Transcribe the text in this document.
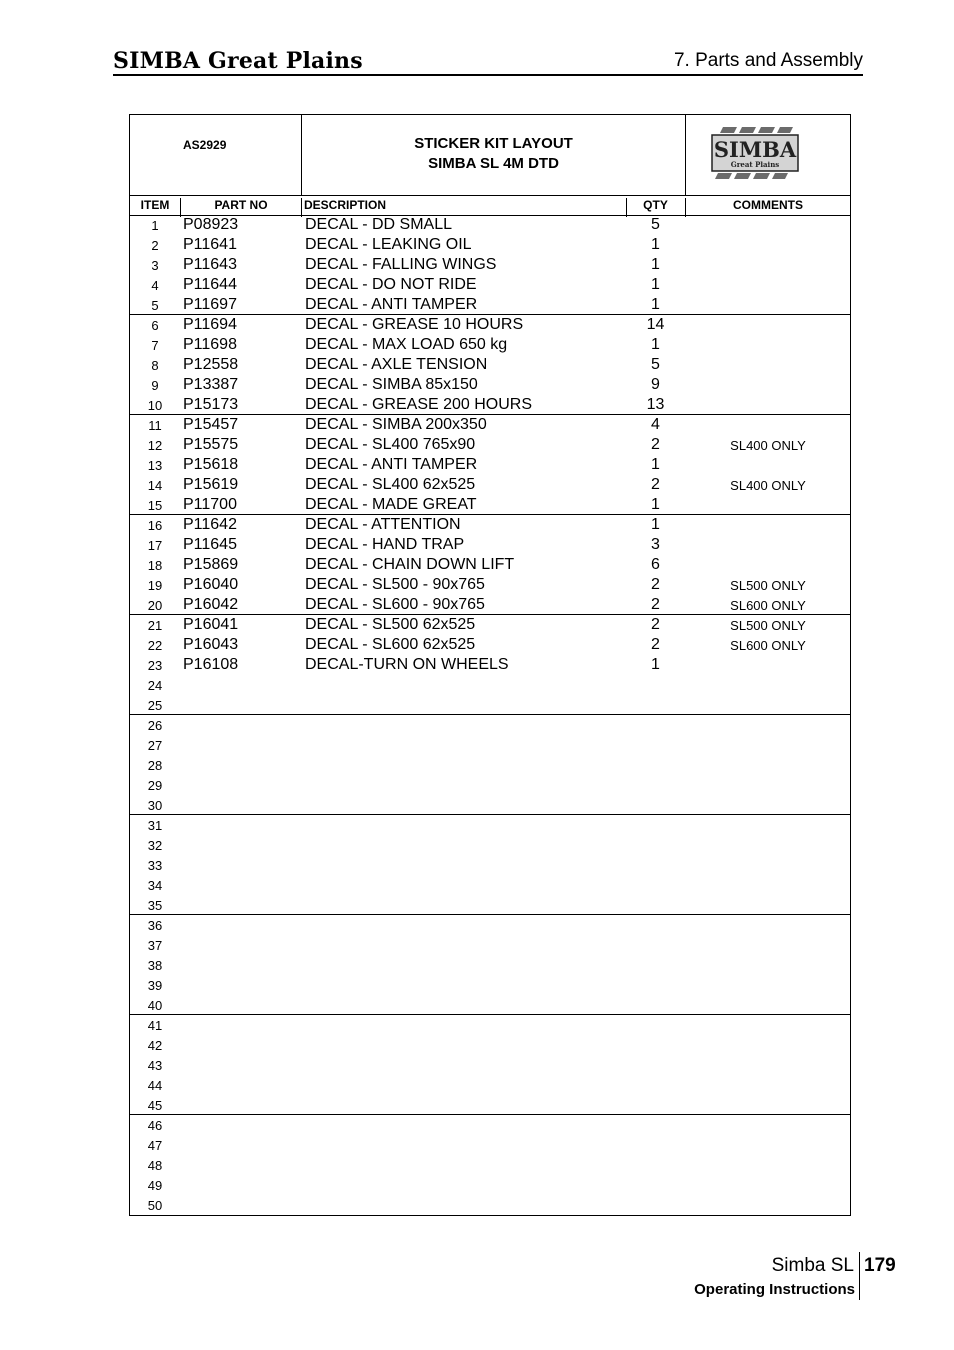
SIMBA Great Plains	7. Parts and Assembly
AS2929	STICKER KIT LAYOUT
SIMBA SL 4M DTD
SIMBA
Great Plains
ITEM	PART NO	DESCRIPTION	QTY	COMMENTS
1	P08923	DECAL - DD SMALL	5
2	P11641	DECAL - LEAKING OIL	1
3	P11643	DECAL - FALLING WINGS	1
4	P11644	DECAL - DO NOT RIDE	1
5	P11697	DECAL - ANTI TAMPER	1
6	P11694	DECAL - GREASE 10 HOURS	14
7	P11698	DECAL - MAX LOAD 650 kg	1
8	P12558	DECAL - AXLE TENSION	5
9	P13387	DECAL - SIMBA 85x150	9
10	P15173	DECAL - GREASE 200 HOURS	13
11	P15457	DECAL - SIMBA 200x350	4
12	P15575	DECAL - SL400 765x90	2	SL400 ONLY
13	P15618	DECAL - ANTI TAMPER	1
14	P15619	DECAL - SL400 62x525	2	SL400 ONLY
15	P11700	DECAL - MADE GREAT	1
16	P11642	DECAL - ATTENTION	1
17	P11645	DECAL - HAND TRAP	3
18	P15869	DECAL - CHAIN DOWN LIFT	6
19	P16040	DECAL - SL500 - 90x765	2	SL500 ONLY
20	P16042	DECAL - SL600 - 90x765	2	SL600 ONLY
21	P16041	DECAL - SL500 62x525	2	SL500 ONLY
22	P16043	DECAL - SL600 62x525	2	SL600 ONLY
23	P16108	DECAL-TURN ON WHEELS	1
24
25
26
27
28
29
30
31
32
33
34
35
36
37
38
39
40
41
42
43
44
45
46
47
48
49
50
Simba SL 179
Operating Instructions
